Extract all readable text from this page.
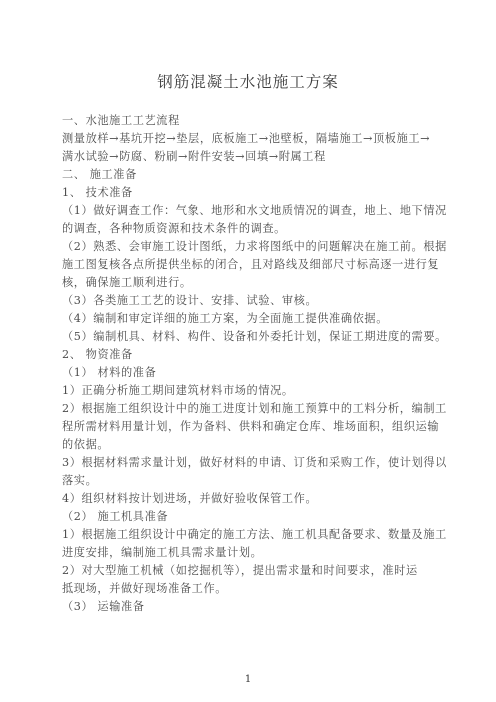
钢筋混凝土水池施工方案
一、水池施工工艺流程
测量放样→基坑开挖→垫层，底板施工→池壁板，隔墙施工→顶板施工→
满水试验→防腐、粉刷→附件安装→回填→附属工程
二、 施工准备
1、 技术准备
（1）做好调查工作：气象、地形和水文地质情况的调查，地上、地下情况
的调查，各种物质资源和技术条件的调查。
（2）熟悉、会审施工设计图纸，力求将图纸中的问题解决在施工前。根据
施工图复核各点所提供坐标的闭合，且对路线及细部尺寸标高逐一进行复
核，确保施工顺利进行。
（3）各类施工工艺的设计、安排、试验、审核。
（4）编制和审定详细的施工方案，为全面施工提供准确依据。
（5）编制机具、材料、构件、设备和外委托计划，保证工期进度的需要。
2、 物资准备
（1） 材料的准备
1）正确分析施工期间建筑材料市场的情况。
2）根据施工组织设计中的施工进度计划和施工预算中的工料分析，编制工
程所需材料用量计划，作为备料、供料和确定仓库、堆场面积，组织运输
的依据。
3）根据材料需求量计划，做好材料的申请、订货和采购工作，使计划得以
落实。
4）组织材料按计划进场，并做好验收保管工作。
（2） 施工机具准备
1）根据施工组织设计中确定的施工方法、施工机具配备要求、数量及施工
进度安排，编制施工机具需求量计划。
2）对大型施工机械（如挖掘机等），提出需求量和时间要求，准时运
抵现场，并做好现场准备工作。
（3） 运输准备
1
